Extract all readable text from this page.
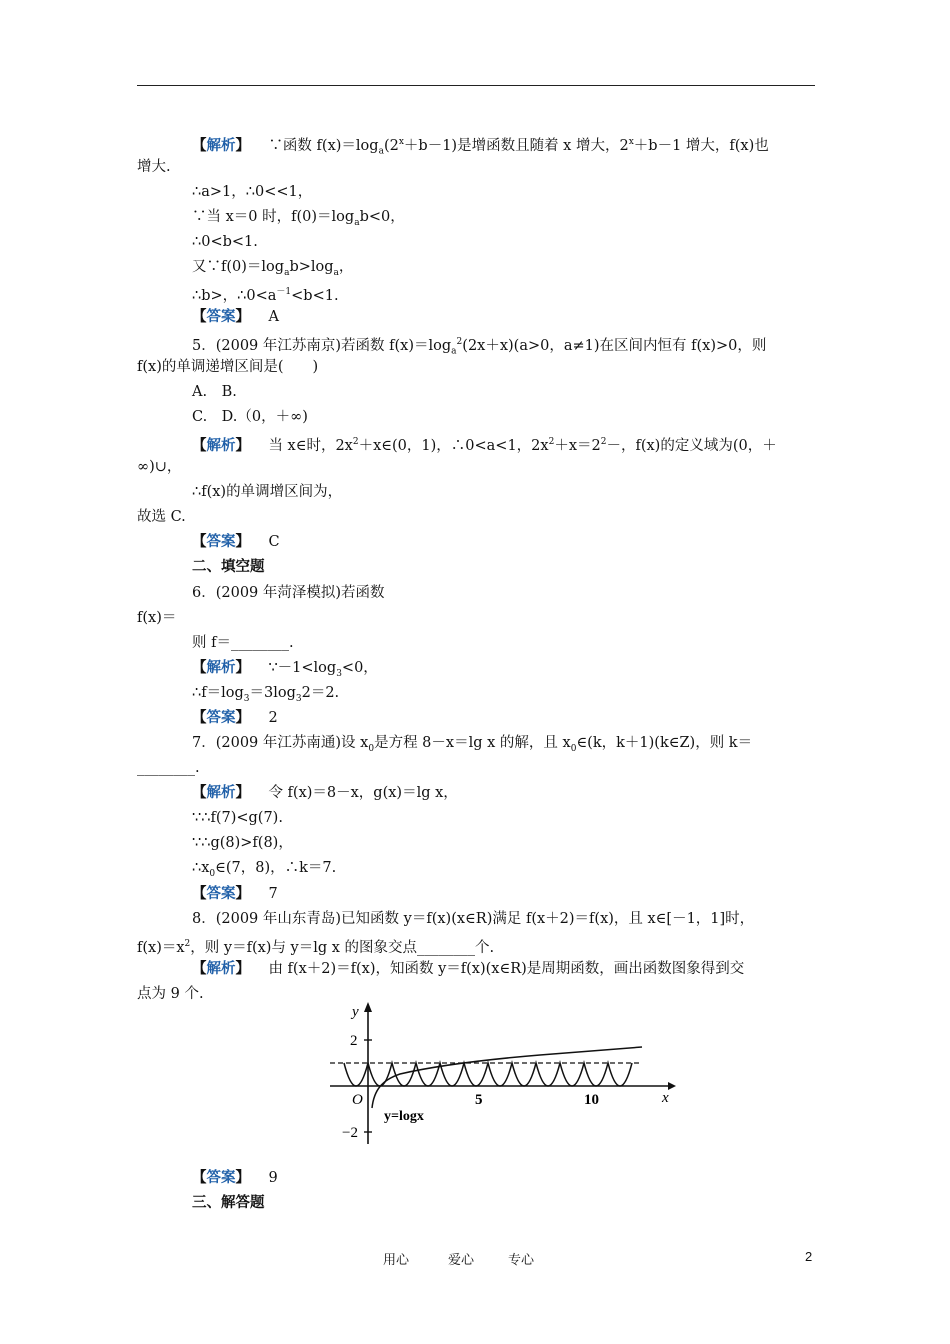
【解析】 ∵函数 $f(x)=\log_a(2^x+b-1)$是增函数且随着 x 增大，$2^x+b-1$ 增大，f(x)也
增大.
∴a>1，∴0<<1，
∵当 x＝0 时，$f(0)=\log_ab<0$，
∴0<b<1.
又$\because f(0)=\log_ab>\log_a$，
∴b>，$\therefore 0<a^{-1}<b<1$.
【答案】 A
5．(2009 年江苏南京)若函数 $f(x)=\log_a^2(2x+x)(a>0$，a≠1)在区间内恒有 f(x)>0，则
f(x)的单调递增区间是(　　)
A.　B.
C.　D.（0，＋∞)
【解析】 当 x∈时，$2x^2+x\in(0$，1)，∴0<a<1，$2x^2+x=2^2-$，f(x)的定义域为(0，＋
∞)∪，
∴f(x)的单调增区间为，
故选 C.
【答案】 C
二、填空题
6．(2009 年菏泽模拟)若函数
f(x)＝
则 f＝________.
【解析】 $\because-1<\log_3<0$，
$\therefore f=\log_3=3\log_32=2$.
【答案】 2
7．(2009 年江苏南通)设 $x_0$是方程 8－x＝lg x 的解，且 $x_0\in(k$，k＋1)(k∈Z)，则 k＝
________.
【解析】 令 f(x)＝8－x，g(x)＝lg x，
∵∴f(7)<g(7).
∵∴g(8)>f(8)，
$\therefore x_0\in(7$，8)，∴k＝7.
【答案】 7
8．(2009 年山东青岛)已知函数 y＝f(x)(x∈R)满足 f(x＋2)＝f(x)，且 x∈[－1，1]时，
$f(x)=x^2$，则 y＝f(x)与 y＝lg x 的图象交点________个.
【解析】 由 f(x＋2)＝f(x)，知函数 y＝f(x)(x∈R)是周期函数，画出函数图象得到交
点为 9 个.
【答案】 9
三、解答题
y
x
O
2
−2
5	10
y=logx
用心	爱心	专心	2
